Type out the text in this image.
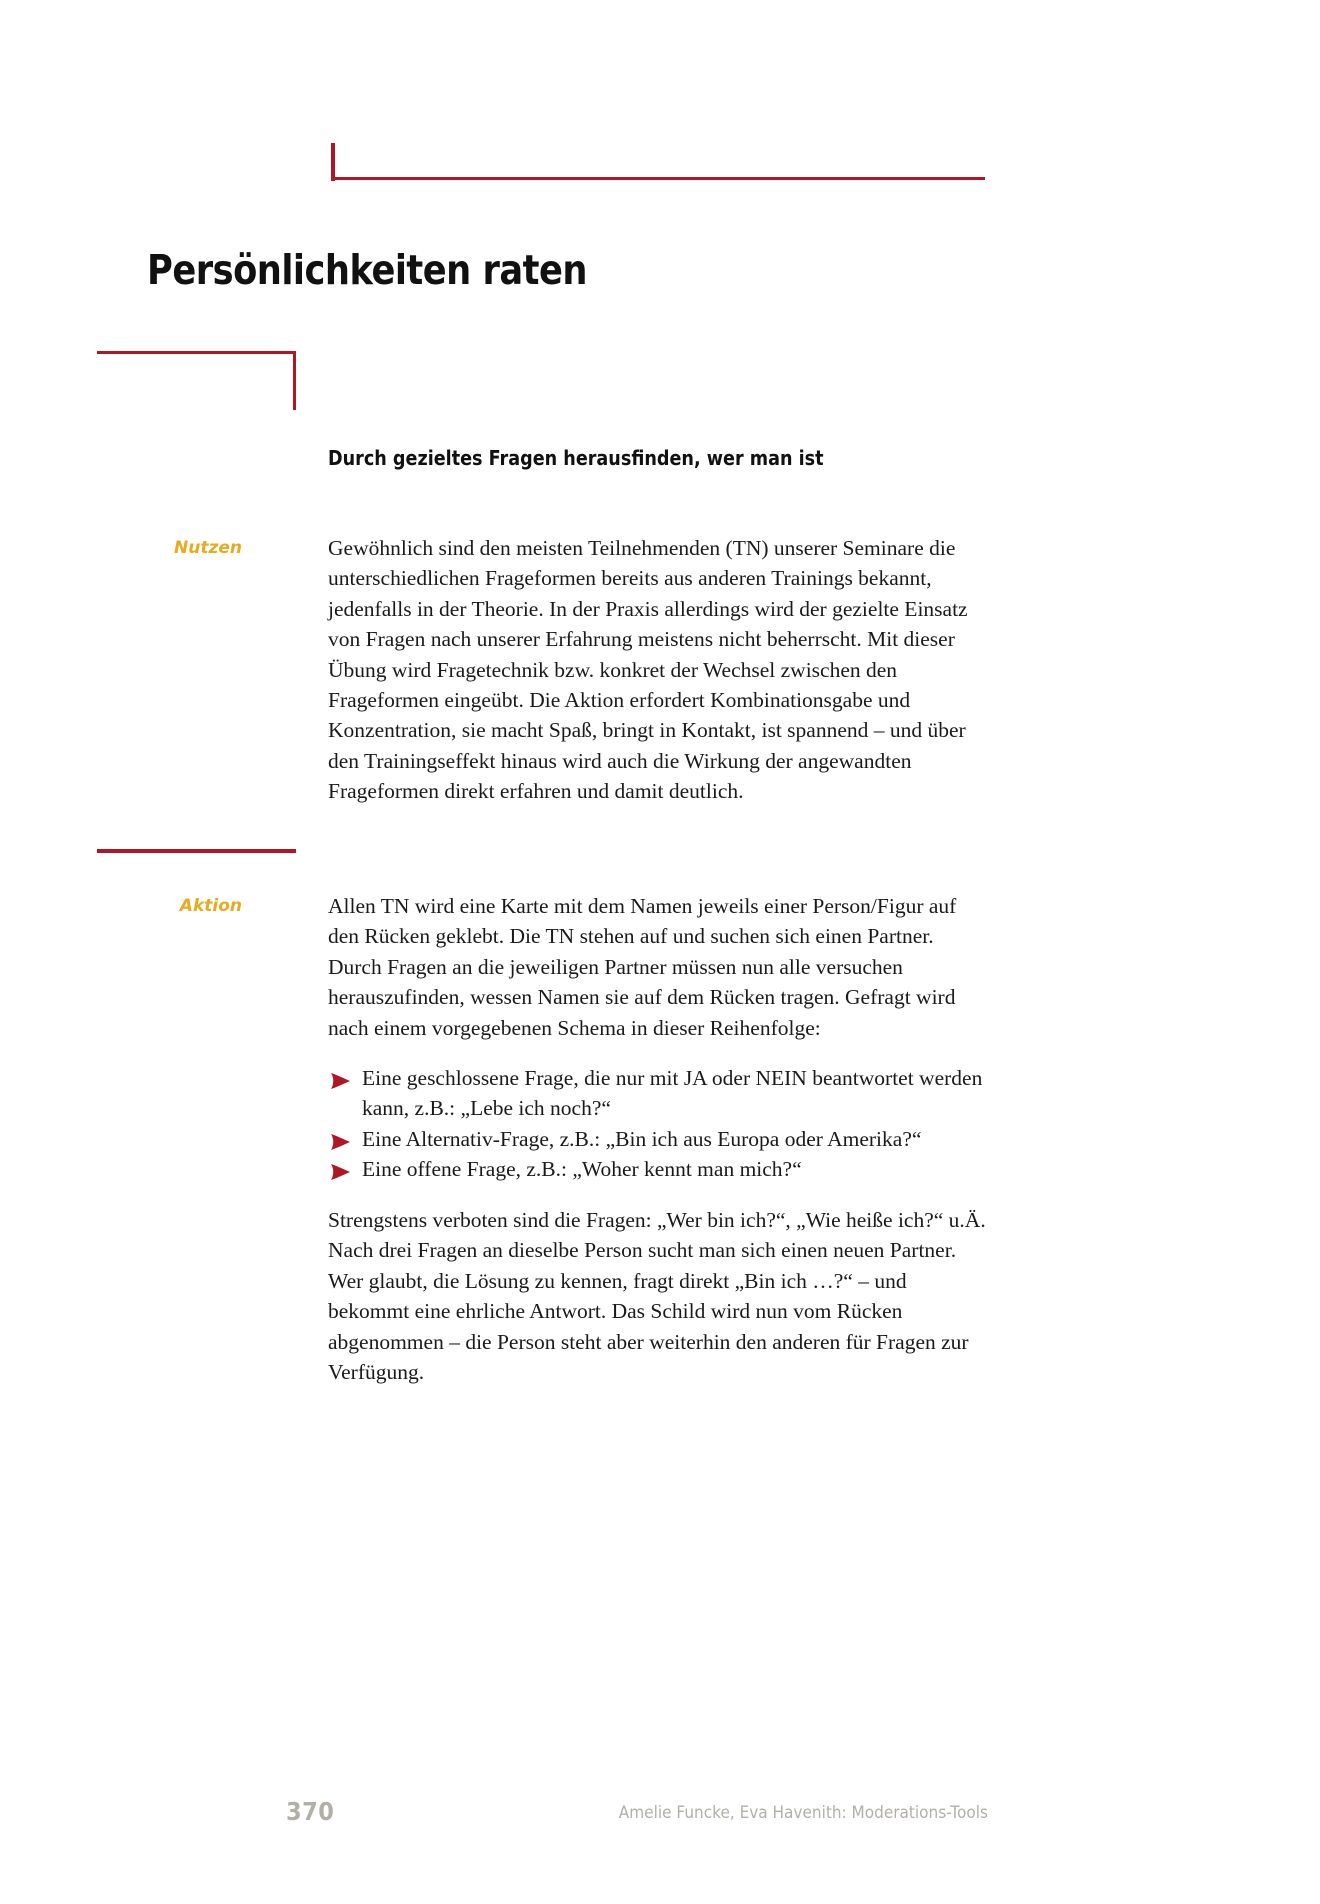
Persönlichkeiten raten
Durch gezieltes Fragen herausfinden, wer man ist
Nutzen	Gewöhnlich sind den meisten Teilnehmenden (TN) unserer Seminare die unterschiedlichen Frageformen bereits aus anderen Trainings bekannt, jedenfalls in der Theorie. In der Praxis allerdings wird der gezielte Einsatz von Fragen nach unserer Erfahrung meistens nicht beherrscht. Mit dieser Übung wird Fragetechnik bzw. konkret der Wechsel zwischen den Frageformen eingeübt. Die Aktion erfordert Kombinationsgabe und Konzentration, sie macht Spaß, bringt in Kontakt, ist spannend – und über den Trainingseffekt hinaus wird auch die Wirkung der angewandten Frageformen direkt erfahren und damit deutlich.

Aktion	Allen TN wird eine Karte mit dem Namen jeweils einer Person/Figur auf den Rücken geklebt. Die TN stehen auf und suchen sich einen Partner. Durch Fragen an die jeweiligen Partner müssen nun alle versuchen herauszufinden, wessen Namen sie auf dem Rücken tragen. Gefragt wird nach einem vorgegebenen Schema in dieser Reihenfolge:

Eine geschlossene Frage, die nur mit JA oder NEIN beantwortet werden kann, z.B.: „Lebe ich noch?“
Eine Alternativ-Frage, z.B.: „Bin ich aus Europa oder Amerika?“
Eine offene Frage, z.B.: „Woher kennt man mich?“

Strengstens verboten sind die Fragen: „Wer bin ich?“, „Wie heiße ich?“ u.Ä. Nach drei Fragen an dieselbe Person sucht man sich einen neuen Partner. Wer glaubt, die Lösung zu kennen, fragt direkt „Bin ich …?“ – und bekommt eine ehrliche Antwort. Das Schild wird nun vom Rücken abgenommen – die Person steht aber weiterhin den anderen für Fragen zur Verfügung.

370	Amelie Funcke, Eva Havenith: Moderations-Tools
